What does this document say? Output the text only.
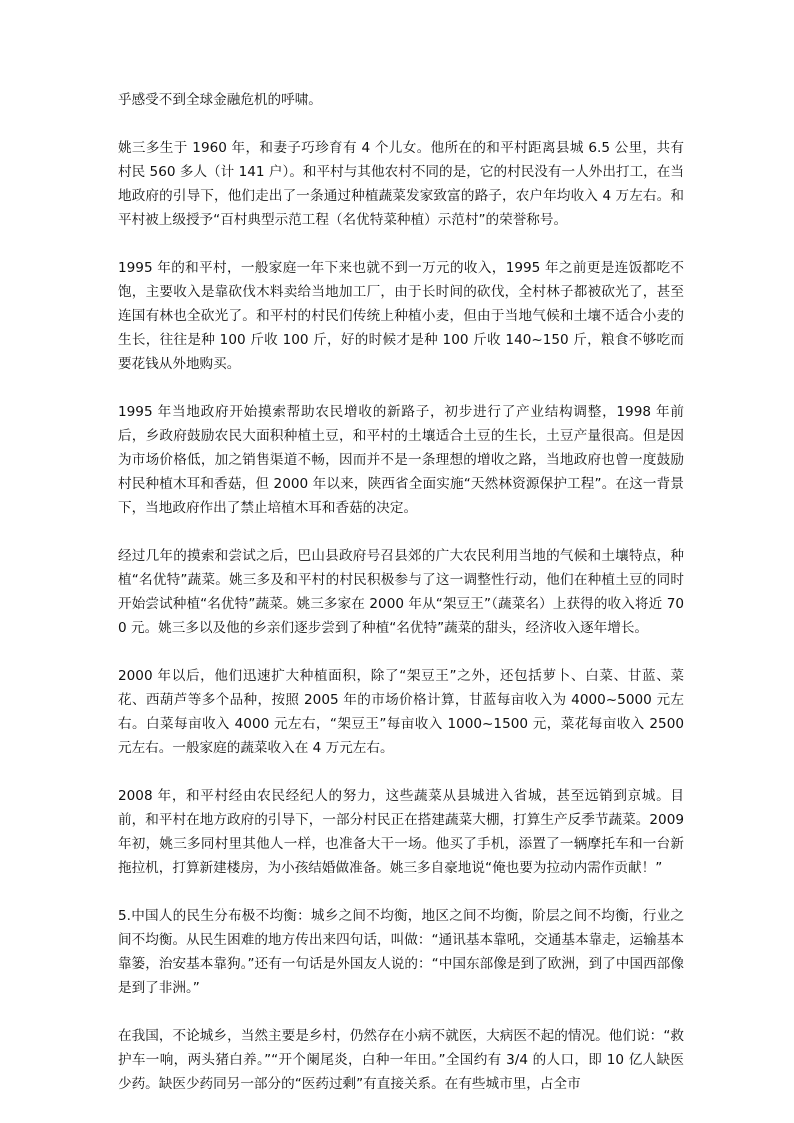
乎感受不到全球金融危机的呼啸。

姚三多生于 1960 年，和妻子巧珍育有 4 个儿女。他所在的和平村距离县城 6.5 公里，共有村民 560 多人（计 141 户）。和平村与其他农村不同的是，它的村民没有一人外出打工，在当地政府的引导下，他们走出了一条通过种植蔬菜发家致富的路子，农户年均收入 4 万左右。和平村被上级授予“百村典型示范工程（名优特菜种植）示范村”的荣誉称号。

1995 年的和平村，一般家庭一年下来也就不到一万元的收入，1995 年之前更是连饭都吃不饱，主要收入是靠砍伐木料卖给当地加工厂，由于长时间的砍伐，全村林子都被砍光了，甚至连国有林也全砍光了。和平村的村民们传统上种植小麦，但由于当地气候和土壤不适合小麦的生长，往往是种 100 斤收 100 斤，好的时候才是种 100 斤收 140~150 斤，粮食不够吃而要花钱从外地购买。

1995 年当地政府开始摸索帮助农民增收的新路子，初步进行了产业结构调整，1998 年前后，乡政府鼓励农民大面积种植土豆，和平村的土壤适合土豆的生长，土豆产量很高。但是因为市场价格低，加之销售渠道不畅，因而并不是一条理想的增收之路，当地政府也曾一度鼓励村民种植木耳和香菇，但 2000 年以来，陕西省全面实施“天然林资源保护工程”。在这一背景下，当地政府作出了禁止培植木耳和香菇的决定。

经过几年的摸索和尝试之后，巴山县政府号召县郊的广大农民利用当地的气候和土壤特点，种植“名优特”蔬菜。姚三多及和平村的村民积极参与了这一调整性行动，他们在种植土豆的同时开始尝试种植“名优特”蔬菜。姚三多家在 2000 年从“架豆王”（蔬菜名）上获得的收入将近 700 元。姚三多以及他的乡亲们逐步尝到了种植“名优特”蔬菜的甜头，经济收入逐年增长。

2000 年以后，他们迅速扩大种植面积，除了“架豆王”之外，还包括萝卜、白菜、甘蓝、菜花、西葫芦等多个品种，按照 2005 年的市场价格计算，甘蓝每亩收入为 4000~5000 元左右。白菜每亩收入 4000 元左右，“架豆王”每亩收入 1000~1500 元，菜花每亩收入 2500 元左右。一般家庭的蔬菜收入在 4 万元左右。

2008 年，和平村经由农民经纪人的努力，这些蔬菜从县城进入省城，甚至远销到京城。目前，和平村在地方政府的引导下，一部分村民正在搭建蔬菜大棚，打算生产反季节蔬菜。2009 年初，姚三多同村里其他人一样，也准备大干一场。他买了手机，添置了一辆摩托车和一台新拖拉机，打算新建楼房，为小孩结婚做准备。姚三多自豪地说“俺也要为拉动内需作贡献！”

5.中国人的民生分布极不均衡：城乡之间不均衡，地区之间不均衡，阶层之间不均衡，行业之间不均衡。从民生困难的地方传出来四句话，叫做：“通讯基本靠吼，交通基本靠走，运输基本靠篓，治安基本靠狗。”还有一句话是外国友人说的：“中国东部像是到了欧洲，到了中国西部像是到了非洲。”

在我国，不论城乡，当然主要是乡村，仍然存在小病不就医，大病医不起的情况。他们说：“救护车一响，两头猪白养。”“开个阑尾炎，白种一年田。”全国约有 3/4 的人口，即 10 亿人缺医少药。缺医少药同另一部分的“医药过剩”有直接关系。在有些城市里，占全市
